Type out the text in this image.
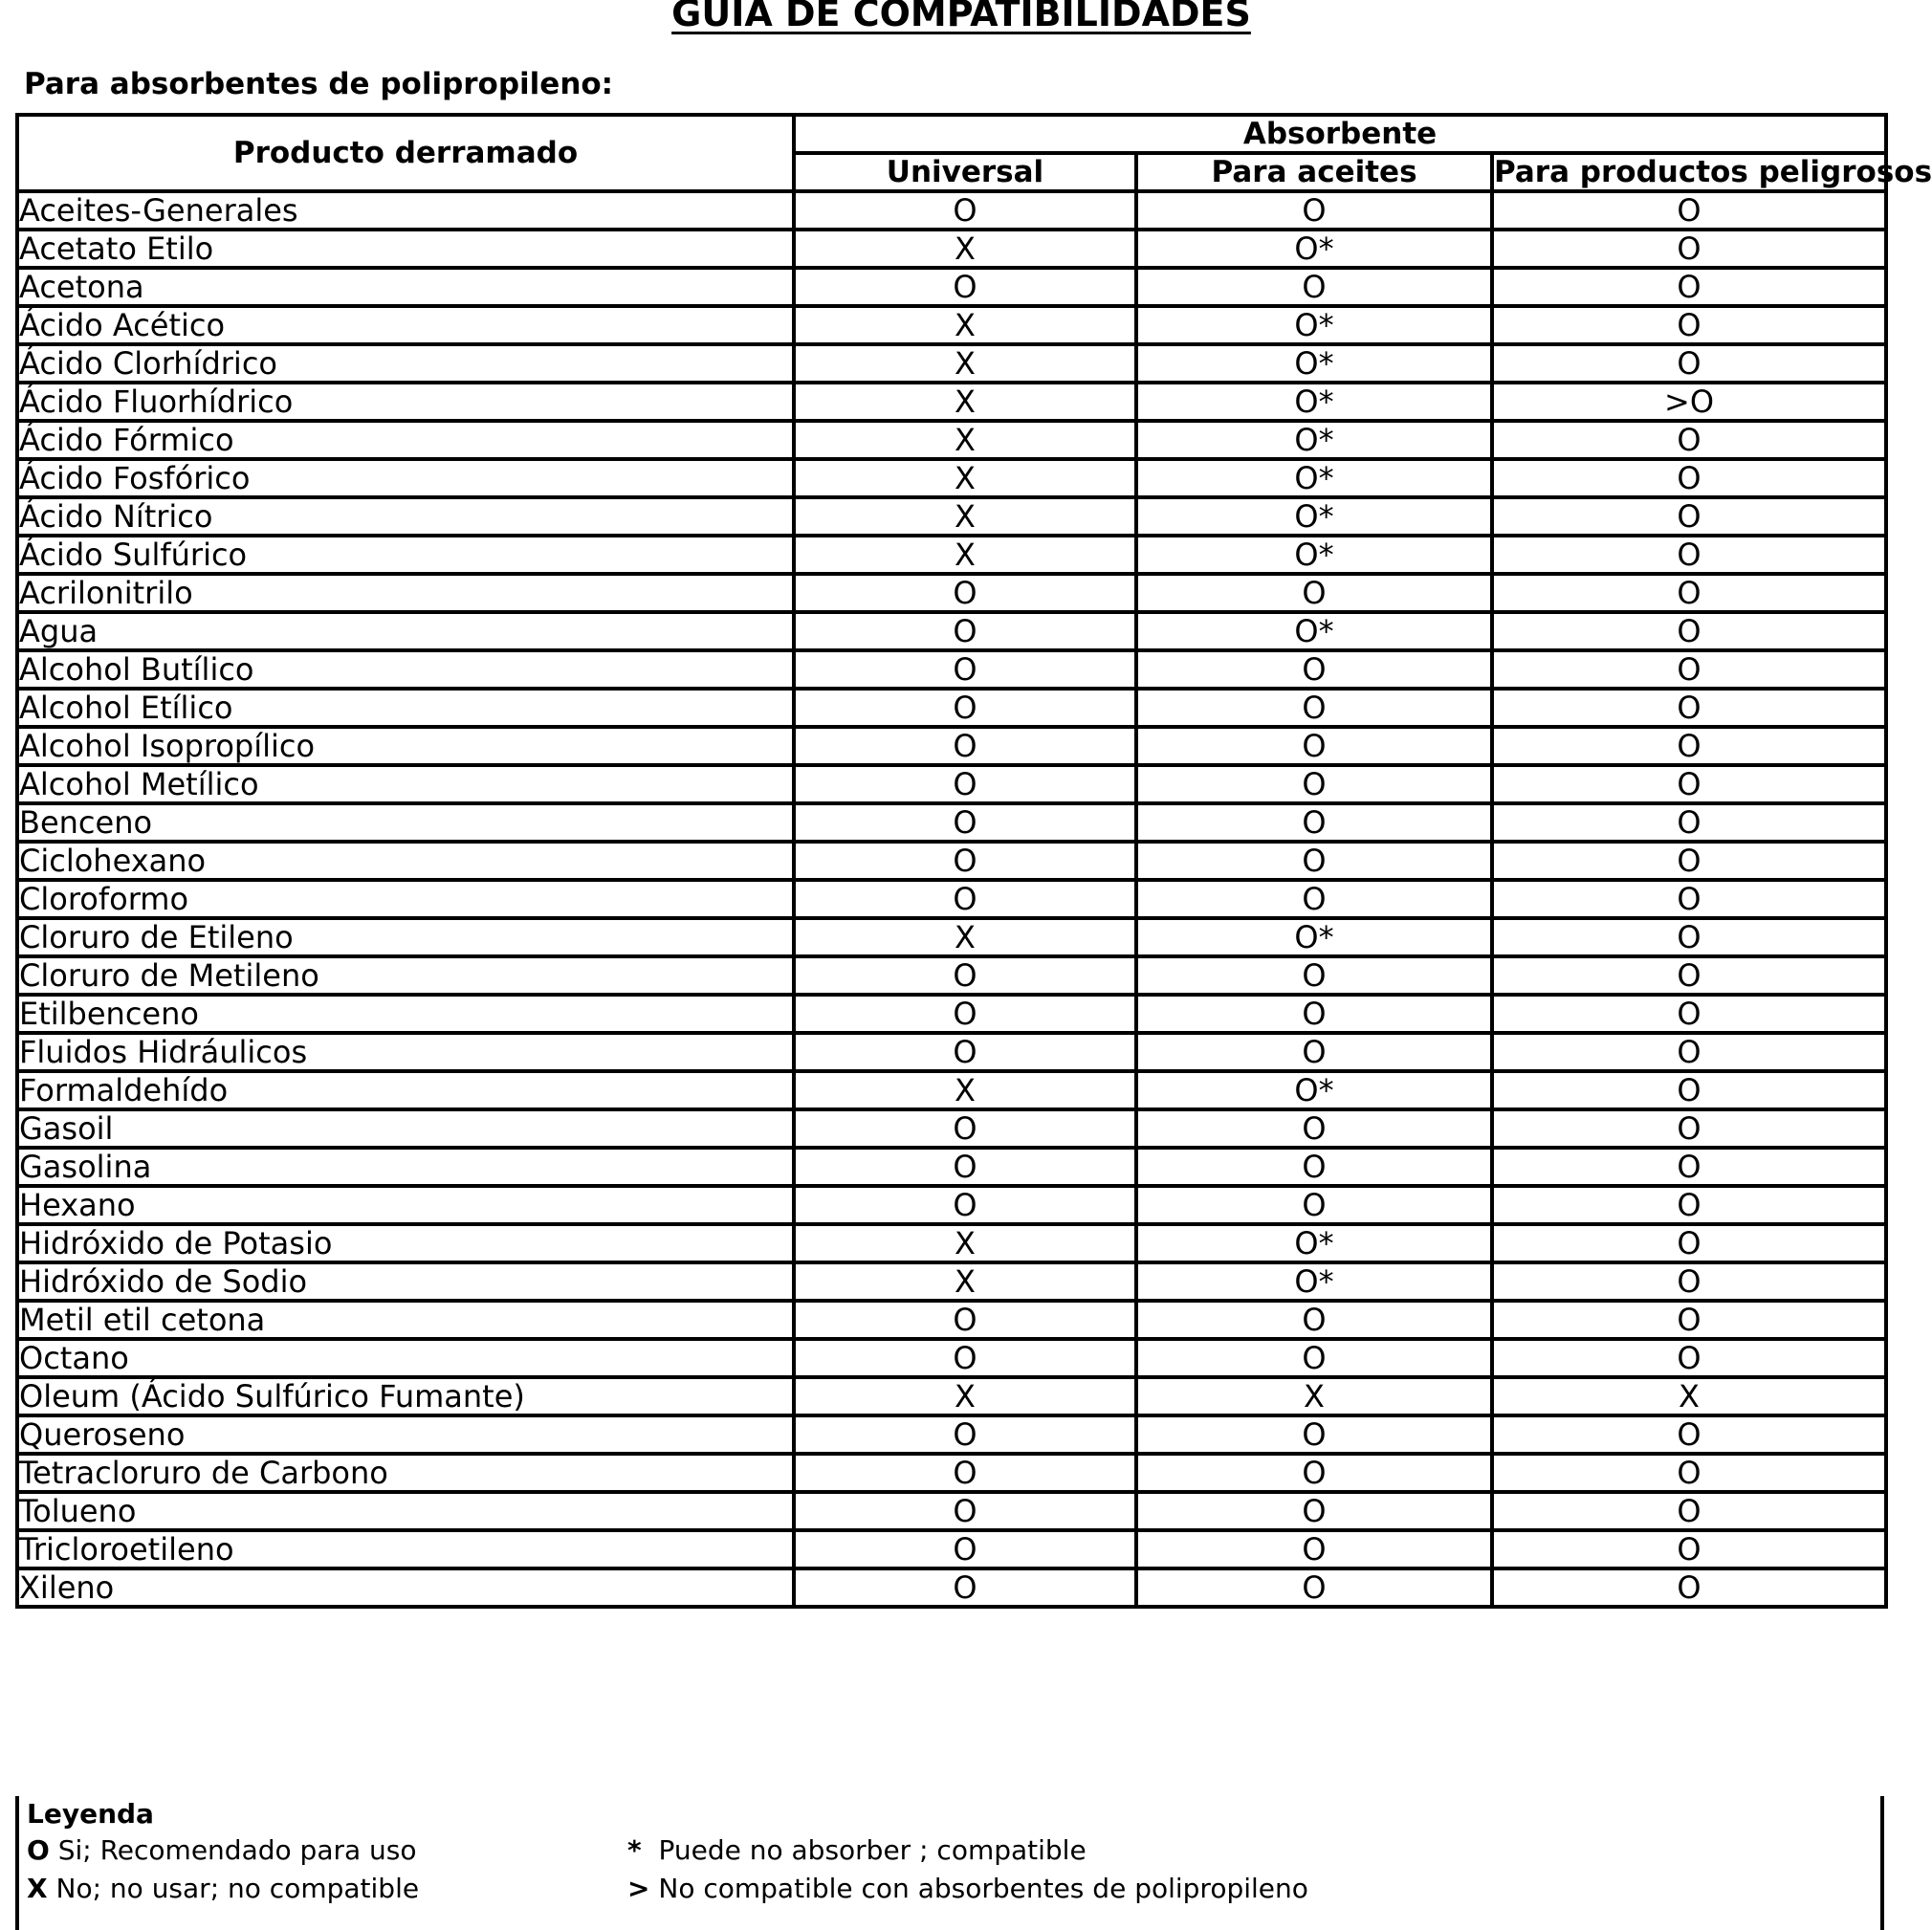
GUIA DE COMPATIBILIDADES
Para absorbentes de polipropileno:
Producto derramado	Absorbente		
	Universal	Para aceites	Para productos peligrosos
Aceites-Generales	O	O	O
Acetato Etilo	X	O*	O
Acetona	O	O	O
Ácido Acético	X	O*	O
Ácido Clorhídrico	X	O*	O
Ácido Fluorhídrico	X	O*	>O
Ácido Fórmico	X	O*	O
Ácido Fosfórico	X	O*	O
Ácido Nítrico	X	O*	O
Ácido Sulfúrico	X	O*	O
Acrilonitrilo	O	O	O
Agua	O	O*	O
Alcohol Butílico	O	O	O
Alcohol Etílico	O	O	O
Alcohol Isopropílico	O	O	O
Alcohol Metílico	O	O	O
Benceno	O	O	O
Ciclohexano	O	O	O
Cloroformo	O	O	O
Cloruro de Etileno	X	O*	O
Cloruro de Metileno	O	O	O
Etilbenceno	O	O	O
Fluidos Hidráulicos	O	O	O
Formaldehído	X	O*	O
Gasoil	O	O	O
Gasolina	O	O	O
Hexano	O	O	O
Hidróxido de Potasio	X	O*	O
Hidróxido de Sodio	X	O*	O
Metil etil cetona	O	O	O
Octano	O	O	O
Oleum (Ácido Sulfúrico Fumante)	X	X	X
Queroseno	O	O	O
Tetracloruro de Carbono	O	O	O
Tolueno	O	O	O
Tricloroetileno	O	O	O
Xileno	O	O	O
Leyenda
O Si; Recomendado para uso
X No; no usar; no compatible
* Puede no absorber ; compatible
> No compatible con absorbentes de polipropileno
